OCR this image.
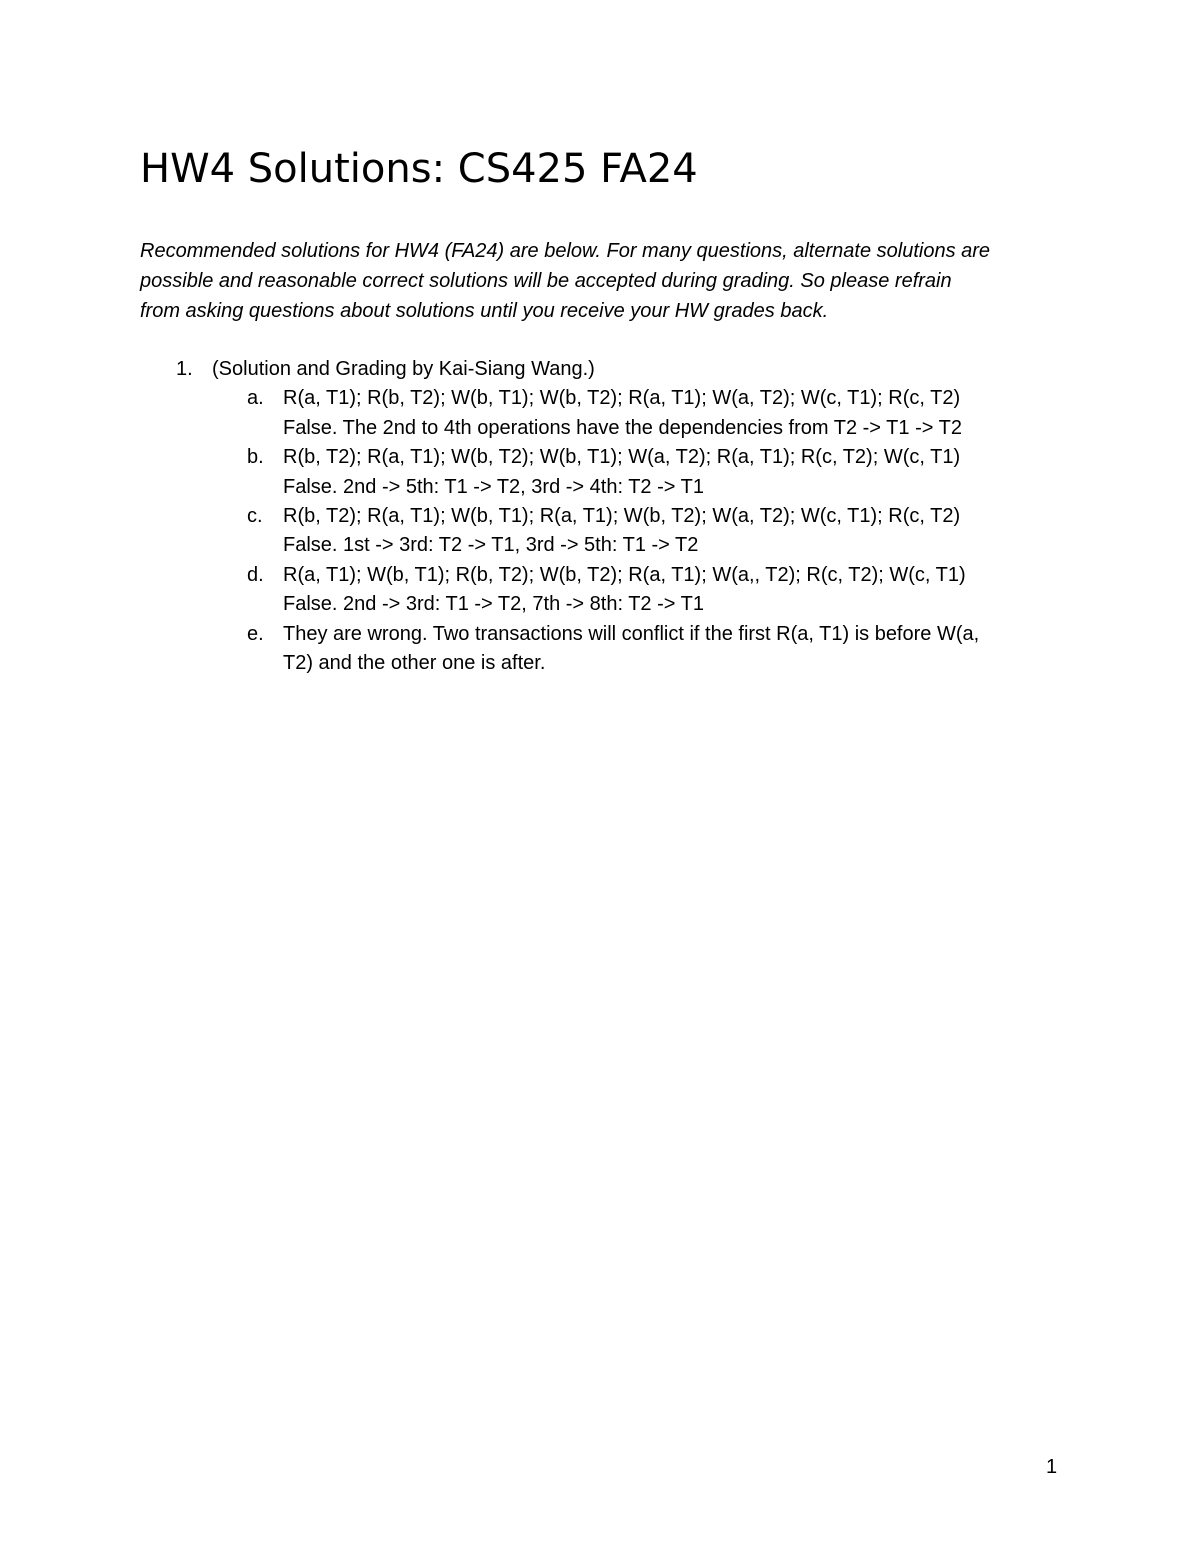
HW4 Solutions: CS425 FA24

Recommended solutions for HW4 (FA24) are below. For many questions, alternate solutions are
possible and reasonable correct solutions will be accepted during grading. So please refrain
from asking questions about solutions until you receive your HW grades back.

1. (Solution and Grading by Kai-Siang Wang.)
a. R(a, T1); R(b, T2); W(b, T1); W(b, T2); R(a, T1); W(a, T2); W(c, T1); R(c, T2)
False. The 2nd to 4th operations have the dependencies from T2 -> T1 -> T2
b. R(b, T2); R(a, T1); W(b, T2); W(b, T1); W(a, T2); R(a, T1); R(c, T2); W(c, T1)
False. 2nd -> 5th: T1 -> T2, 3rd -> 4th: T2 -> T1
c. R(b, T2); R(a, T1); W(b, T1); R(a, T1); W(b, T2); W(a, T2); W(c, T1); R(c, T2)
False. 1st -> 3rd: T2 -> T1, 3rd -> 5th: T1 -> T2
d. R(a, T1); W(b, T1); R(b, T2); W(b, T2); R(a, T1); W(a,, T2); R(c, T2); W(c, T1)
False. 2nd -> 3rd: T1 -> T2, 7th -> 8th: T2 -> T1
e. They are wrong. Two transactions will conflict if the first R(a, T1) is before W(a,
T2) and the other one is after.
1
